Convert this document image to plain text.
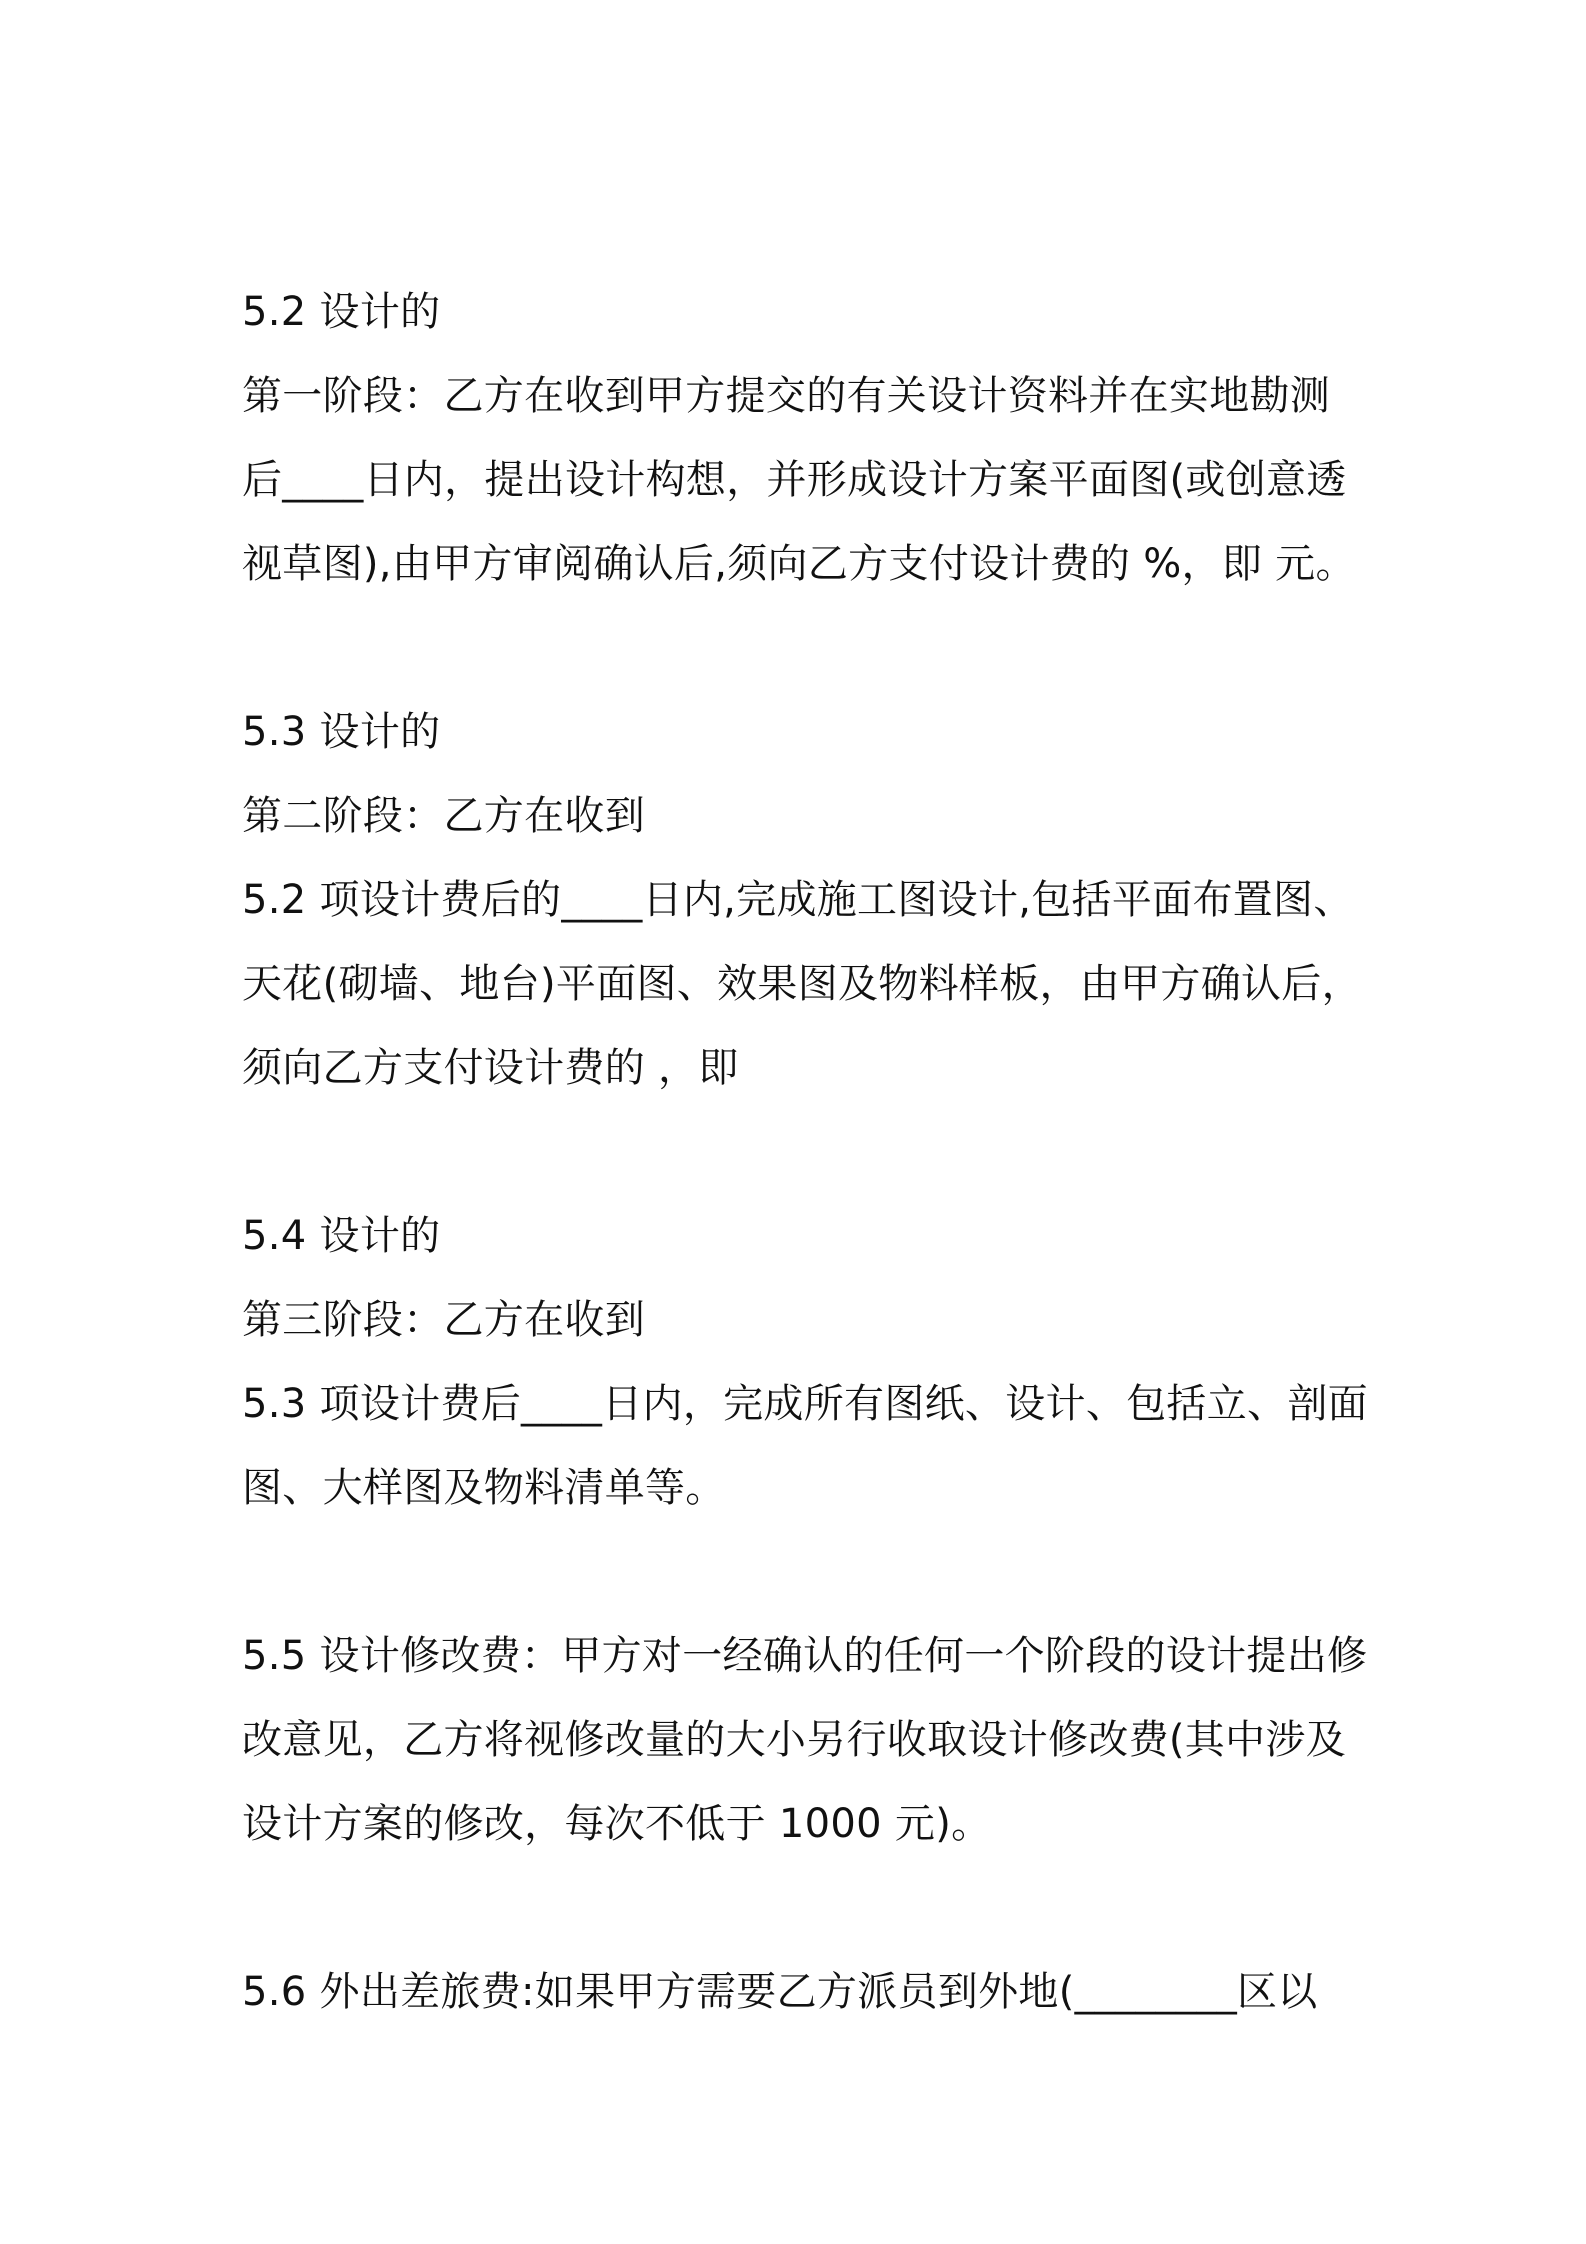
5.2 设计的
第一阶段：乙方在收到甲方提交的有关设计资料并在实地勘测
后____日内，提出设计构想，并形成设计方案平面图(或创意透
视草图),由甲方审阅确认后,须向乙方支付设计费的 %，即 元。
5.3 设计的
第二阶段：乙方在收到
5.2 项设计费后的____日内,完成施工图设计,包括平面布置图、
天花(砌墙、地台)平面图、效果图及物料样板，由甲方确认后，
须向乙方支付设计费的 ，即
5.4 设计的
第三阶段：乙方在收到
5.3 项设计费后____日内，完成所有图纸、设计、包括立、剖面
图、大样图及物料清单等。
5.5 设计修改费：甲方对一经确认的任何一个阶段的设计提出修
改意见，乙方将视修改量的大小另行收取设计修改费(其中涉及
设计方案的修改，每次不低于 1000 元)。
5.6 外出差旅费:如果甲方需要乙方派员到外地(________区以
